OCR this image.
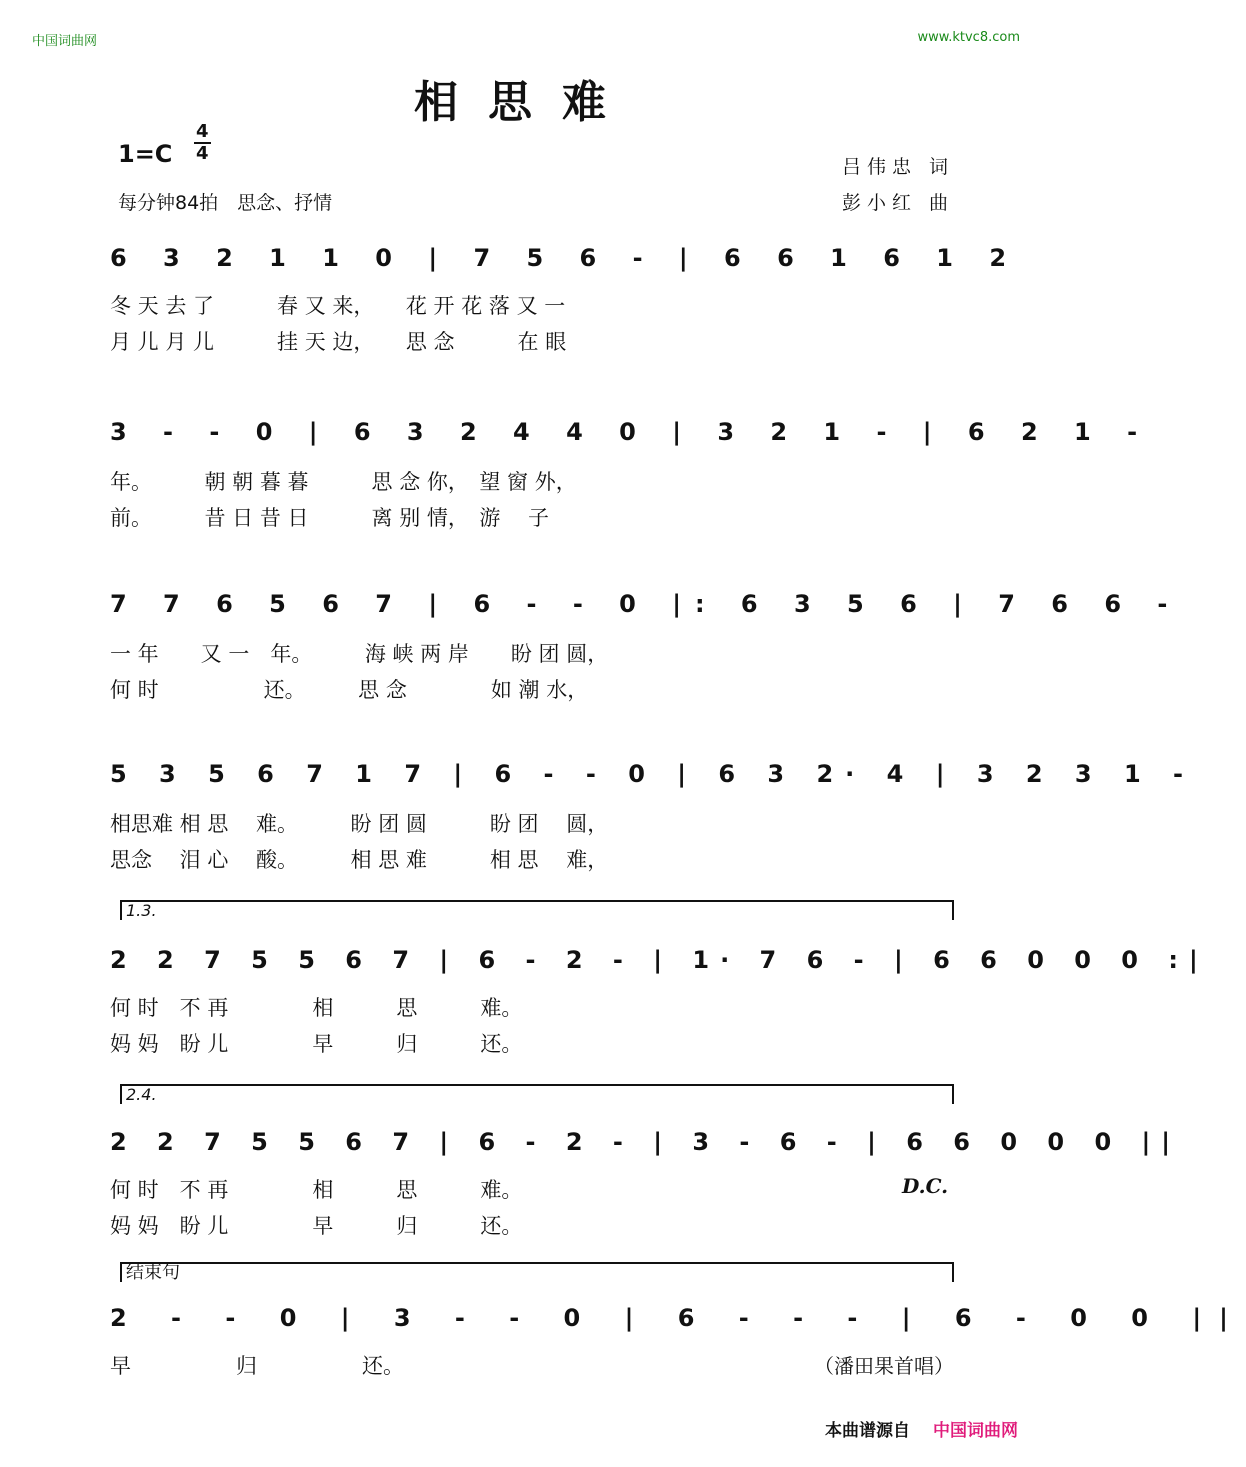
中国词曲网	www.ktvc8.com
相思难
$1=C \frac{4}{4}$
每分钟84拍　思念、抒情
吕伟忠 词
彭小红 曲
6 3 2 1 1 0 | 7 5 6 - | 6 6 1 6 1 2
冬 天 去 了　　　春 又 来，　　花 开 花 落 又 一
月 儿 月 儿　　　挂 天 边，　　思 念　　　在 眼
3 - - 0 | 6 3 2 4 4 0 | 3 2 1 - | 6 2 1 -
年。　　　朝 朝 暮 暮　　　思 念 你，　望 窗 外，
前。　　　昔 日 昔 日　　　离 别 情，　游　 子
7 7 6 5 6 7 | 6 - - 0 |: 6 3 5 6 | 7 6 6 -
一 年　　又 一　年。　　　海 峡 两 岸　　盼 团 圆，
何 时　　　　　还。　　　思 念　　　　如 潮 水，
5 3 5 6 7 1 7 | 6 - - 0 | 6 3 2· 4 | 3 2 3 1 -
相思难 相 思　 难。　　　盼 团 圆　　　盼 团　 圆，
思念　 泪 心　 酸。　　　相 思 难　　　相 思　 难，
1.3.
2 2 7 5 5 6 7 | 6 - 2 - | 1· 7 6 - | 6 6 0 0 0 :|
何 时　不 再　　　　相　　　思　　　难。
妈 妈　盼 儿　　　　早　　　归　　　还。
2.4.
2 2 7 5 5 6 7 | 6 - 2 - | 3 - 6 - | 6 6 0 0 0 ||
何 时　不 再　　　　相　　　思　　　难。
妈 妈　盼 儿　　　　早　　　归　　　还。
D.C.
结束句
2 - - 0 | 3 - - 0 | 6 - - - | 6 - 0 0 ||
早　　　　　归　　　　　还。	（潘田果首唱）
本曲谱源自 中国词曲网
